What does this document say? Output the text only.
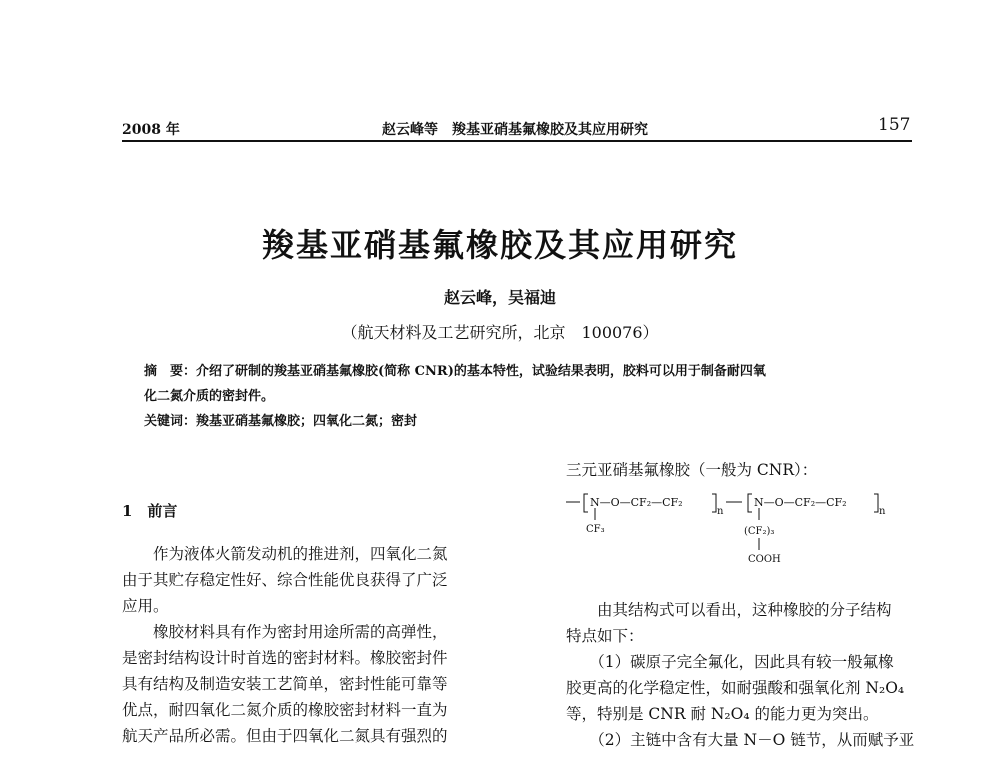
2008 年	赵云峰等　羧基亚硝基氟橡胶及其应用研究	157
羧基亚硝基氟橡胶及其应用研究
赵云峰，吴福迪
（航天材料及工艺研究所，北京　100076）
摘　要：介绍了研制的羧基亚硝基氟橡胶(简称 CNR)的基本特性，试验结果表明，胶料可以用于制备耐四氧
化二氮介质的密封件。
关键词：羧基亚硝基氟橡胶；四氧化二氮；密封
1　前言
　　作为液体火箭发动机的推进剂，四氧化二氮
由于其贮存稳定性好、综合性能优良获得了广泛
应用。
　　橡胶材料具有作为密封用途所需的高弹性，
是密封结构设计时首选的密封材料。橡胶密封件
具有结构及制造安装工艺简单，密封性能可靠等
优点，耐四氧化二氮介质的橡胶密封材料一直为
航天产品所必需。但由于四氧化二氮具有强烈的
三元亚硝基氟橡胶（一般为 CNR）：
N—O—CF₂—CF₂
n
CF₃
N—O—CF₂—CF₂
n
(CF₂)₃
COOH
　　由其结构式可以看出，这种橡胶的分子结构
特点如下：
　　（1）碳原子完全氟化，因此具有较一般氟橡
胶更高的化学稳定性，如耐强酸和强氧化剂 N₂O₄
等，特别是 CNR 耐 N₂O₄ 的能力更为突出。
　　（2）主链中含有大量 N－O 链节，从而赋予亚
